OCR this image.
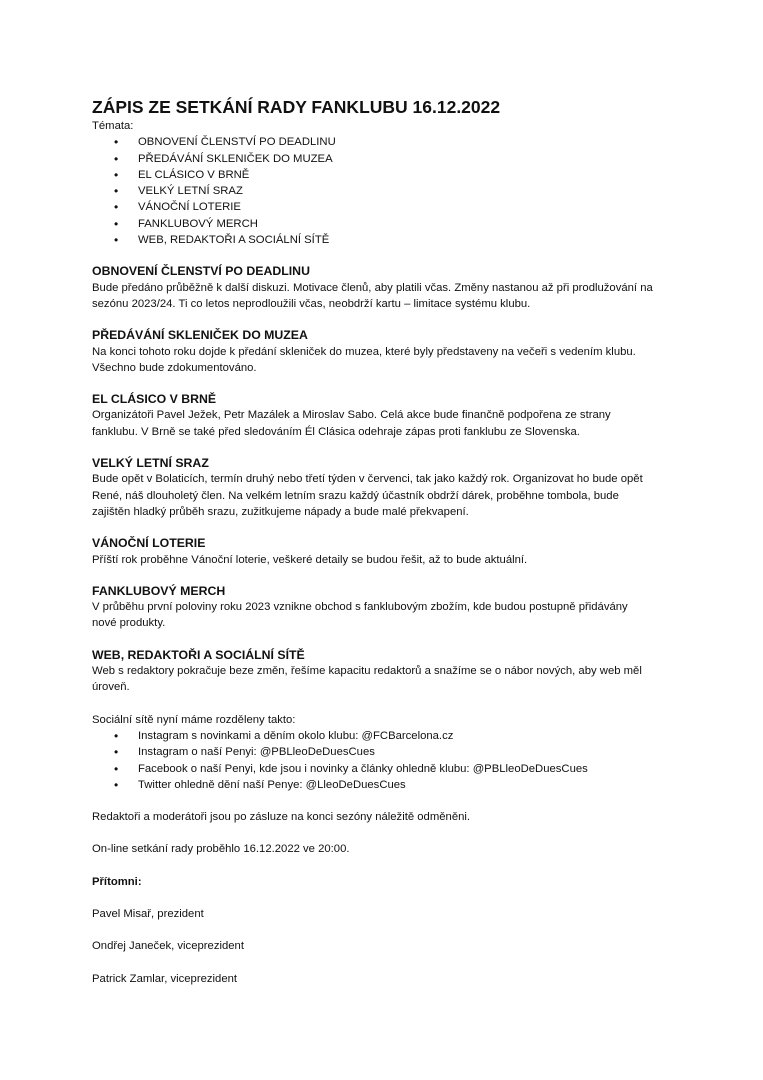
ZÁPIS ZE SETKÁNÍ RADY FANKLUBU 16.12.2022

Témata:

• OBNOVENÍ ČLENSTVÍ PO DEADLINU
• PŘEDÁVÁNÍ SKLENIČEK DO MUZEA
• EL CLÁSICO V BRNĚ
• VELKÝ LETNÍ SRAZ
• VÁNOČNÍ LOTERIE
• FANKLUBOVÝ MERCH
• WEB, REDAKTOŘI A SOCIÁLNÍ SÍTĚ
OBNOVENÍ ČLENSTVÍ PO DEADLINU

Bude předáno průběžně k další diskuzi. Motivace členů, aby platili včas. Změny nastanou až při prodlužování na

sezónu 2023/24. Ti co letos neprodloužili včas, neobdrží kartu – limitace systému klubu.

PŘEDÁVÁNÍ SKLENIČEK DO MUZEA

Na konci tohoto roku dojde k předání skleniček do muzea, které byly představeny na večeři s vedením klubu.

Všechno bude zdokumentováno.

EL CLÁSICO V BRNĚ

Organizátoři Pavel Ježek, Petr Mazálek a Miroslav Sabo. Celá akce bude finančně podpořena ze strany

fanklubu. V Brně se také před sledováním Él Clásica odehraje zápas proti fanklubu ze Slovenska.

VELKÝ LETNÍ SRAZ

Bude opět v Bolaticích, termín druhý nebo třetí týden v červenci, tak jako každý rok. Organizovat ho bude opět

René, náš dlouholetý člen. Na velkém letním srazu každý účastník obdrží dárek, proběhne tombola, bude

zajištěn hladký průběh srazu, zužitkujeme nápady a bude malé překvapení.

VÁNOČNÍ LOTERIE

Příští rok proběhne Vánoční loterie, veškeré detaily se budou řešit, až to bude aktuální.

FANKLUBOVÝ MERCH

V průběhu první poloviny roku 2023 vznikne obchod s fanklubovým zbožím, kde budou postupně přidávány

nové produkty.

WEB, REDAKTOŘI A SOCIÁLNÍ SÍTĚ

Web s redaktory pokračuje beze změn, řešíme kapacitu redaktorů a snažíme se o nábor nových, aby web měl

úroveň.

Sociální sítě nyní máme rozděleny takto:

• Instagram s novinkami a děním okolo klubu: @FCBarcelona.cz
• Instagram o naší Penyi: @PBLleoDeDuesCues
• Facebook o naší Penyi, kde jsou i novinky a články ohledně klubu: @PBLleoDeDuesCues
• Twitter ohledně dění naší Penye: @LleoDeDuesCues

Redaktoři a moderátoři jsou po zásluze na konci sezóny náležitě odměněni.

On-line setkání rady proběhlo 16.12.2022 ve 20:00.

Přítomni:

Pavel Misař, prezident

Ondřej Janeček, viceprezident

Patrick Zamlar, viceprezident
